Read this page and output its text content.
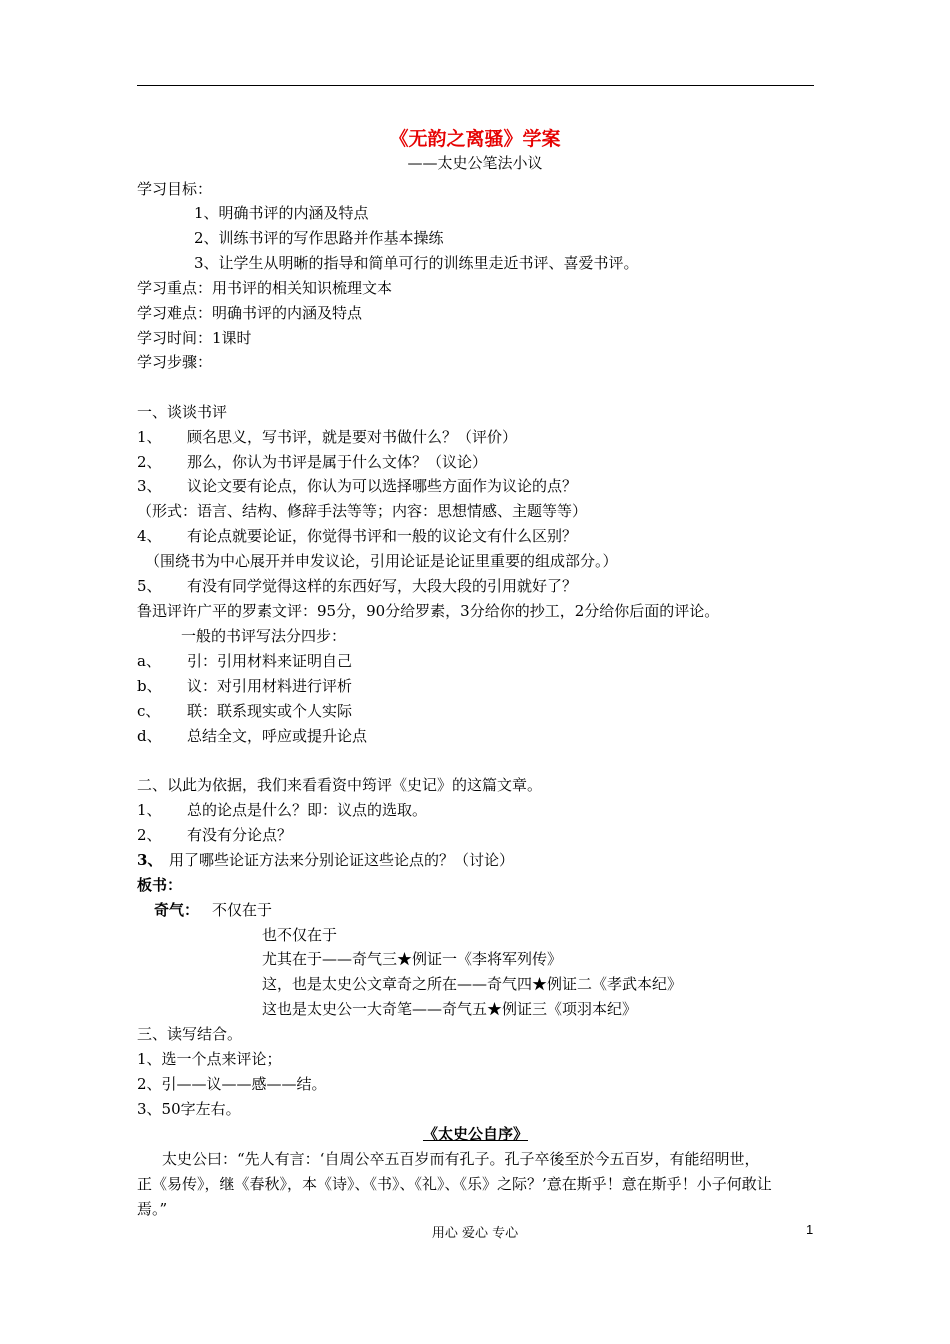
《无韵之离骚》学案
——太史公笔法小议
学习目标：
1、明确书评的内涵及特点
2、训练书评的写作思路并作基本操练
3、让学生从明晰的指导和简单可行的训练里走近书评、喜爱书评。
学习重点：用书评的相关知识梳理文本
学习难点：明确书评的内涵及特点
学习时间：1课时
学习步骤：
一、谈谈书评
1、 顾名思义，写书评，就是要对书做什么？（评价）
2、 那么，你认为书评是属于什么文体？（议论）
3、 议论文要有论点，你认为可以选择哪些方面作为议论的点？
（形式：语言、结构、修辞手法等等；内容：思想情感、主题等等）
4、 有论点就要论证，你觉得书评和一般的议论文有什么区别？
（围绕书为中心展开并申发议论，引用论证是论证里重要的组成部分。）
5、 有没有同学觉得这样的东西好写，大段大段的引用就好了？
鲁迅评许广平的罗素文评：95分，90分给罗素，3分给你的抄工，2分给你后面的评论。
一般的书评写法分四步：
a、 引：引用材料来证明自己
b、 议：对引用材料进行评析
c、 联：联系现实或个人实际
d、 总结全文，呼应或提升论点
二、以此为依据，我们来看看资中筠评《史记》的这篇文章。
1、 总的论点是什么？即：议点的选取。
2、 有没有分论点？
3、 用了哪些论证方法来分别论证这些论点的？（讨论）
板书：
奇气： 不仅在于
也不仅在于
尤其在于——奇气三★例证一《李将军列传》
这，也是太史公文章奇之所在——奇气四★例证二《孝武本纪》
这也是太史公一大奇笔——奇气五★例证三《项羽本纪》
三、读写结合。
1、选一个点来评论；
2、引——议——感——结。
3、50字左右。
《太史公自序》
太史公曰：“先人有言：‘自周公卒五百岁而有孔子。孔子卒後至於今五百岁，有能绍明世，
正《易传》，继《春秋》，本《诗》、《书》、《礼》、《乐》之际？’意在斯乎！意在斯乎！小子何敢让
焉。”
用心 爱心 专心	1
